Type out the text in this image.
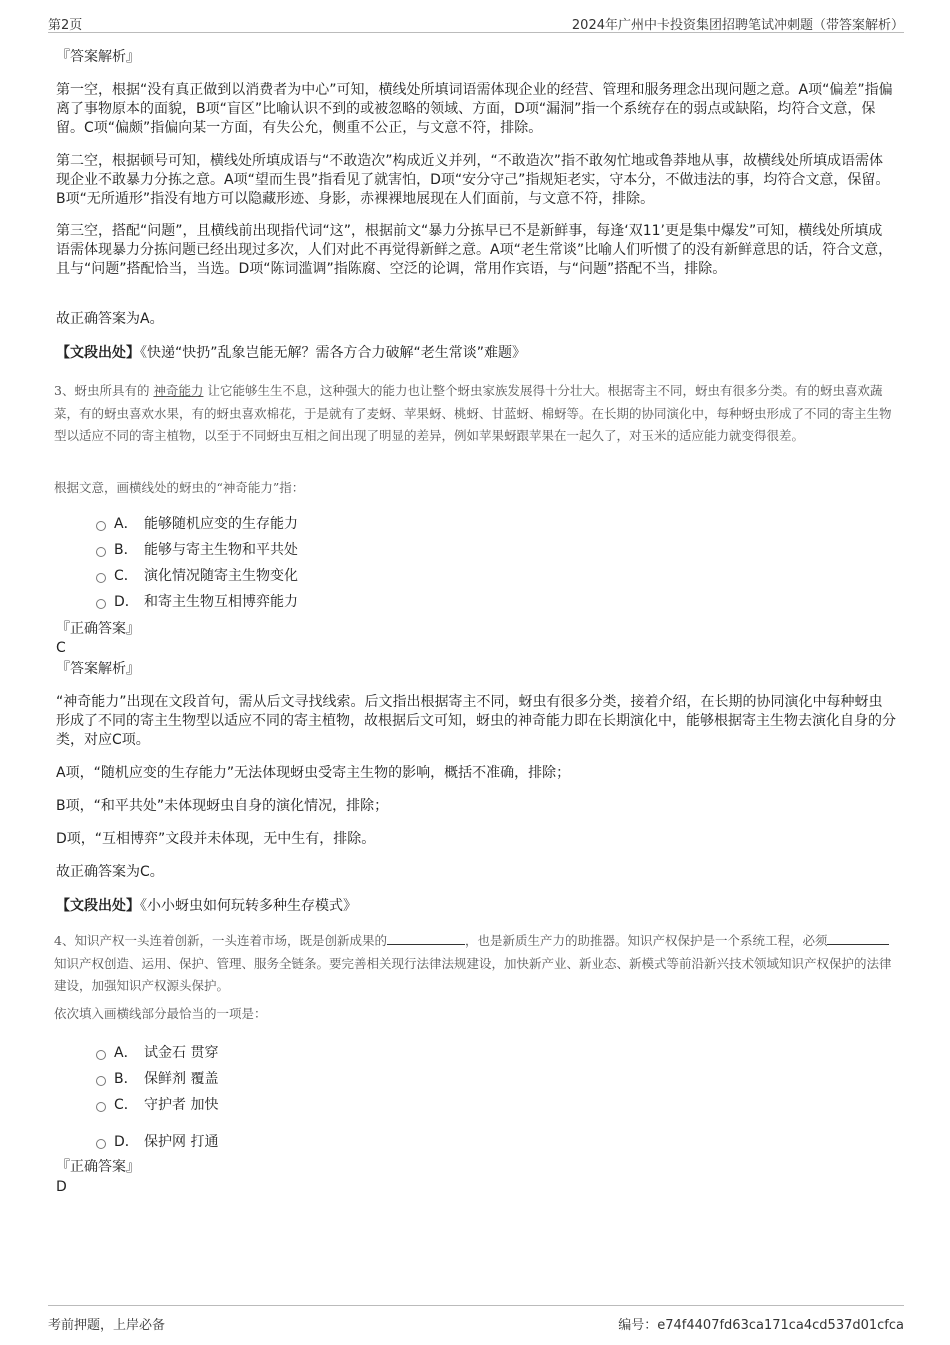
第2页	2024年广州中卡投资集团招聘笔试冲刺题（带答案解析）
『答案解析』
第一空，根据“没有真正做到以消费者为中心”可知，横线处所填词语需体现企业的经营、管理和服务理念出现问题之意。A项“偏差”指偏离了事物原本的面貌，B项“盲区”比喻认识不到的或被忽略的领域、方面，D项“漏洞”指一个系统存在的弱点或缺陷，均符合文意，保留。C项“偏颇”指偏向某一方面，有失公允，侧重不公正，与文意不符，排除。
第二空，根据顿号可知，横线处所填成语与“不敢造次”构成近义并列，“不敢造次”指不敢匆忙地或鲁莽地从事，故横线处所填成语需体现企业不敢暴力分拣之意。A项“望而生畏”指看见了就害怕，D项“安分守己”指规矩老实，守本分，不做违法的事，均符合文意，保留。B项“无所遁形”指没有地方可以隐藏形迹、身影，赤裸裸地展现在人们面前，与文意不符，排除。
第三空，搭配“问题”，且横线前出现指代词“这”，根据前文“暴力分拣早已不是新鲜事，每逢‘双11’更是集中爆发”可知，横线处所填成语需体现暴力分拣问题已经出现过多次，人们对此不再觉得新鲜之意。A项“老生常谈”比喻人们听惯了的没有新鲜意思的话，符合文意，且与“问题”搭配恰当，当选。D项“陈词滥调”指陈腐、空泛的论调，常用作宾语，与“问题”搭配不当，排除。
故正确答案为A。
【文段出处】《快递“快扔”乱象岂能无解？需各方合力破解“老生常谈”难题》
3、蚜虫所具有的 神奇能力 让它能够生生不息，这种强大的能力也让整个蚜虫家族发展得十分壮大。根据寄主不同，蚜虫有很多分类。有的蚜虫喜欢蔬菜，有的蚜虫喜欢水果，有的蚜虫喜欢棉花，于是就有了麦蚜、苹果蚜、桃蚜、甘蓝蚜、棉蚜等。在长期的协同演化中，每种蚜虫形成了不同的寄主生物型以适应不同的寄主植物，以至于不同蚜虫互相之间出现了明显的差异，例如苹果蚜跟苹果在一起久了，对玉米的适应能力就变得很差。
根据文意，画横线处的蚜虫的“神奇能力”指：
A． 能够随机应变的生存能力
B． 能够与寄主生物和平共处
C． 演化情况随寄主生物变化
D． 和寄主生物互相博弈能力
『正确答案』
C
『答案解析』
“神奇能力”出现在文段首句，需从后文寻找线索。后文指出根据寄主不同，蚜虫有很多分类，接着介绍，在长期的协同演化中每种蚜虫形成了不同的寄主生物型以适应不同的寄主植物，故根据后文可知，蚜虫的神奇能力即在长期演化中，能够根据寄主生物去演化自身的分类，对应C项。
A项，“随机应变的生存能力”无法体现蚜虫受寄主生物的影响，概括不准确，排除；
B项，“和平共处”未体现蚜虫自身的演化情况，排除；
D项，“互相博弈”文段并未体现，无中生有，排除。
故正确答案为C。
【文段出处】《小小蚜虫如何玩转多种生存模式》
4、知识产权一头连着创新，一头连着市场，既是创新成果的	，也是新质生产力的助推器。知识产权保护是一个系统工程，必须知识产权创造、运用、保护、管理、服务全链条。要完善相关现行法律法规建设，加快新产业、新业态、新模式等前沿新兴技术领域知识产权保护的法律建设，加强知识产权源头保护。
依次填入画横线部分最恰当的一项是：
A． 试金石 贯穿
B． 保鲜剂 覆盖
C． 守护者 加快
D． 保护网 打通
『正确答案』
D
考前押题，上岸必备	编号：e74f4407fd63ca171ca4cd537d01cfca
